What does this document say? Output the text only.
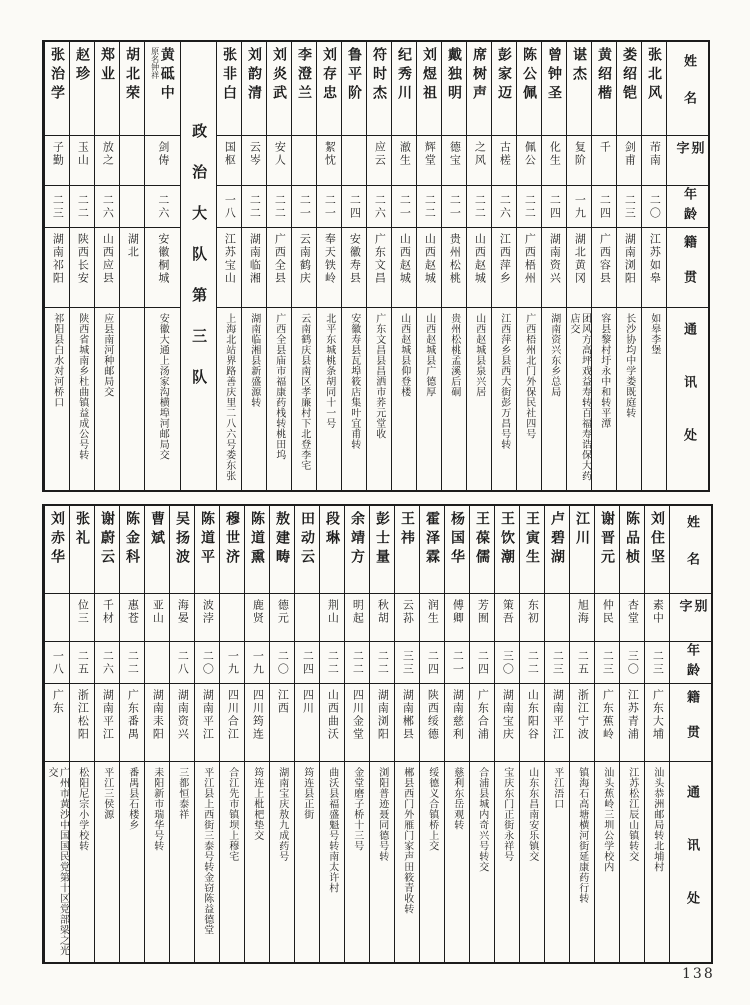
姓名
别字
年龄
籍贯
通讯处
张北风
芾南
二〇
江苏如皋
如皋李堡
娄绍铠
剑甫
二三
湖南浏阳
长沙协均中学娄既庭转
黄绍楷
千
二四
广西容县
容县黎村圩永中和转平潭
谌杰
复阶
一九
湖北黄冈
团风方高坪戏益寿转百福寿诰保大药店交
曾钟圣
化生
二四
湖南资兴
湖南资兴东乡总局
陈公佩
佩公
二二
广西梧州
广西梧州北门外保民社四号
彭家迈
古槎
二六
江西萍乡
江西萍乡县西大街彭万昌号转
席树声
之风
二二
山西赵城
山西赵城县泉兴居
戴独明
德宝
二一
贵州松桃
贵州松桃孟溪后硐
刘煜祖
辉堂
二二
山西赵城
山西赵城县广德厚
纪秀川
澈生
二一
山西赵城
山西赵城县仰登楼
符时杰
应云
二六
广东文昌
广东文昌县昌洒市荞元堂收
鲁平阶
二四
安徽寿县
安徽寿县瓦埠筱店集叶宜甫转
刘存忠
絜忱
二一
奉天铁岭
北平东城桃条胡同十一号
李澄兰
二一
云南鹤庆
云南鹤庆县南区孝廉村下北登李宅
刘炎武
安人
二二
广西全县
广西全县庙市福康药栈转桃田坞
刘韵清
云岑
二二
湖南临湘
湖南临湘县新盛源转
张非白
国枢
一八
江苏宝山
上海北站界路善庆里二八六号娄东张
政治大队第三队
黄砥中
原名钟祥
剑俦
二六
安徽桐城
安徽大通上汤家沟横埠河邮局交
胡北荣
湖北
郑业
放之
二六
山西应县
应县南河种邮局交
赵珍
玉山
二二
陕西长安
陕西省城南乡杜曲镇益成公号转
张治学
子勤
二三
湖南祁阳
祁阳县白水对河桥口
姓名
别字
年龄
籍贯
通讯处
刘住坚
素中
二三
广东大埔
汕头恭洲邮局转北埔村
陈品桢
杏堂
三〇
江苏青浦
江苏松江辰山镇转交
谢晋元
仲民
二三
广东蕉岭
汕头蕉岭三圳公学校内
江川
旭海
二五
浙江宁波
镇海石高塘横河街延康药行转
卢碧湖
二三
湖南平江
平江浯口
王寅生
东初
二二
山东阳谷
山东东昌南安乐镇交
王饮潮
策吾
三〇
湖南宝庆
宝庆东门正街永祥号
王葆儒
芳囿
二四
广东合浦
合浦县城内奇兴号转交
杨国华
傅卿
二一
湖南慈利
慈利东岳观转
霍泽霖
润生
二四
陕西绥德
绥德义合镇桥上交
王祎
云荪
三三
湖南郴县
郴县西门外雁门家声田筱青收转
彭士量
秋胡
二二
湖南浏阳
浏阳普迹聂同德号转
余靖方
明起
二二
四川金堂
金堂磨子桥十三号
段琳
荆山
二二
山西曲沃
曲沃县福盛魁号转南太许村
田动云
二四
四川
筠连县正街
敖建畴
德元
二〇
江西
湖南宝庆敖九成药号
陈道熏
鹿贤
一九
四川筠连
筠连上枇杷垫交
穆世济
一九
四川合江
合江先市镇坝上穆宅
陈道平
波浡
二〇
湖南平江
平江县上西街三泰号转金窃陈益德堂
吴扬波
海晏
二八
湖南资兴
三都恒泰祥
曹斌
亚山
湖南耒阳
耒阳新市瑞华号转
陈金科
惠苍
二二
广东番禺
番禺县石楼乡
谢蔚云
千材
二六
湖南平江
平江三侯源
张礼
位三
二五
浙江松阳
松阳尼宗小学校转
刘赤华
一八
广东
广州市黄沙中国国民党第十区党部梁之光交
138
